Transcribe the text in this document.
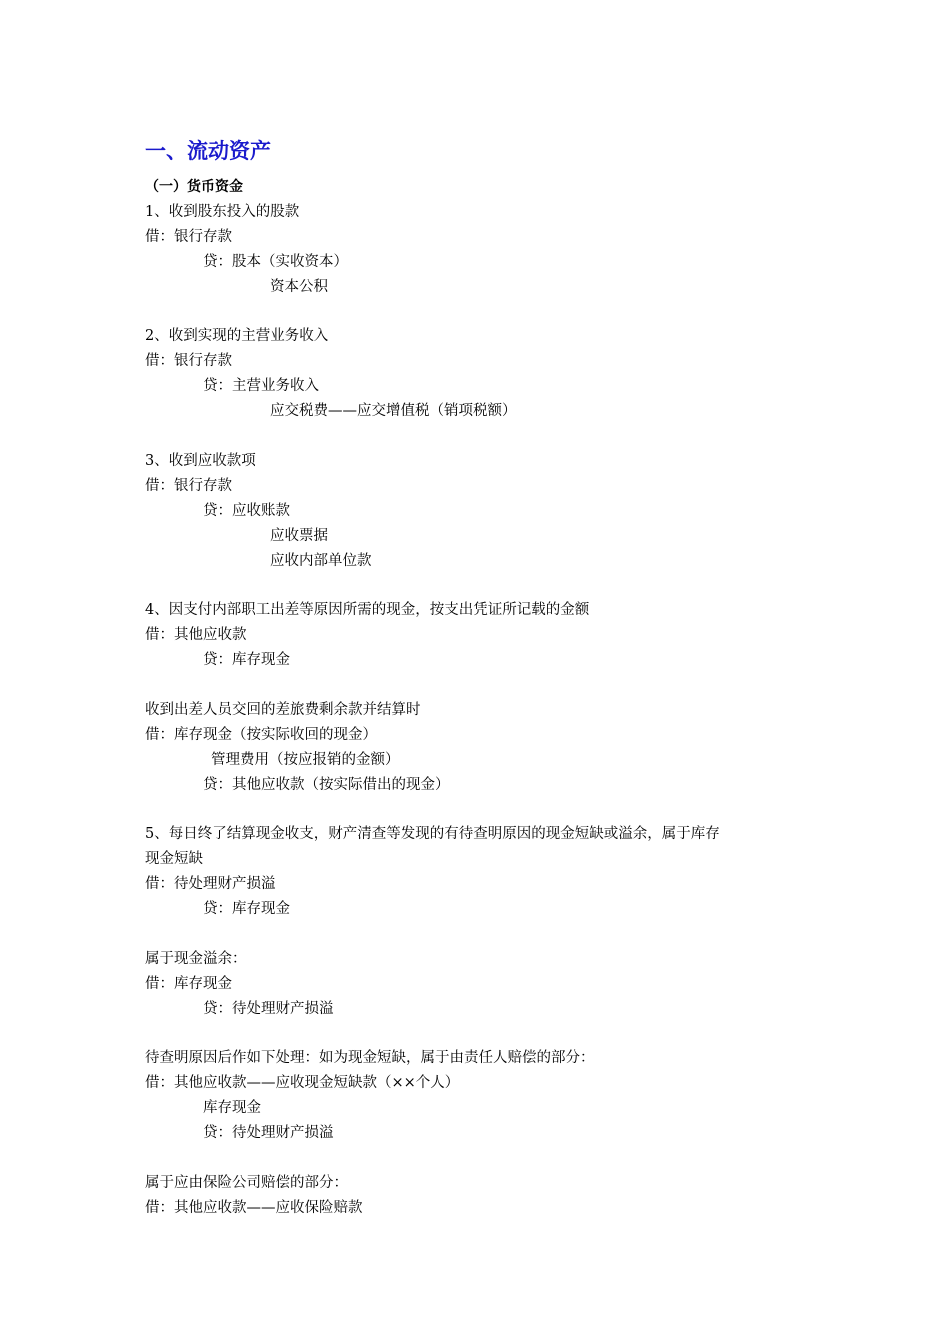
一、流动资产
（一）货币资金
1、收到股东投入的股款
借：银行存款
贷：股本（实收资本）
资本公积
2、收到实现的主营业务收入
借：银行存款
贷：主营业务收入
应交税费——应交增值税（销项税额）
3、收到应收款项
借：银行存款
贷：应收账款
应收票据
应收内部单位款
4、因支付内部职工出差等原因所需的现金，按支出凭证所记载的金额
借：其他应收款
贷：库存现金
收到出差人员交回的差旅费剩余款并结算时
借：库存现金（按实际收回的现金）
管理费用（按应报销的金额）
贷：其他应收款（按实际借出的现金）
5、每日终了结算现金收支，财产清查等发现的有待查明原因的现金短缺或溢余，属于库存
现金短缺
借：待处理财产损溢
贷：库存现金
属于现金溢余：
借：库存现金
贷：待处理财产损溢
待查明原因后作如下处理：如为现金短缺，属于由责任人赔偿的部分：
借：其他应收款——应收现金短缺款（××个人）
库存现金
贷：待处理财产损溢
属于应由保险公司赔偿的部分：
借：其他应收款——应收保险赔款
